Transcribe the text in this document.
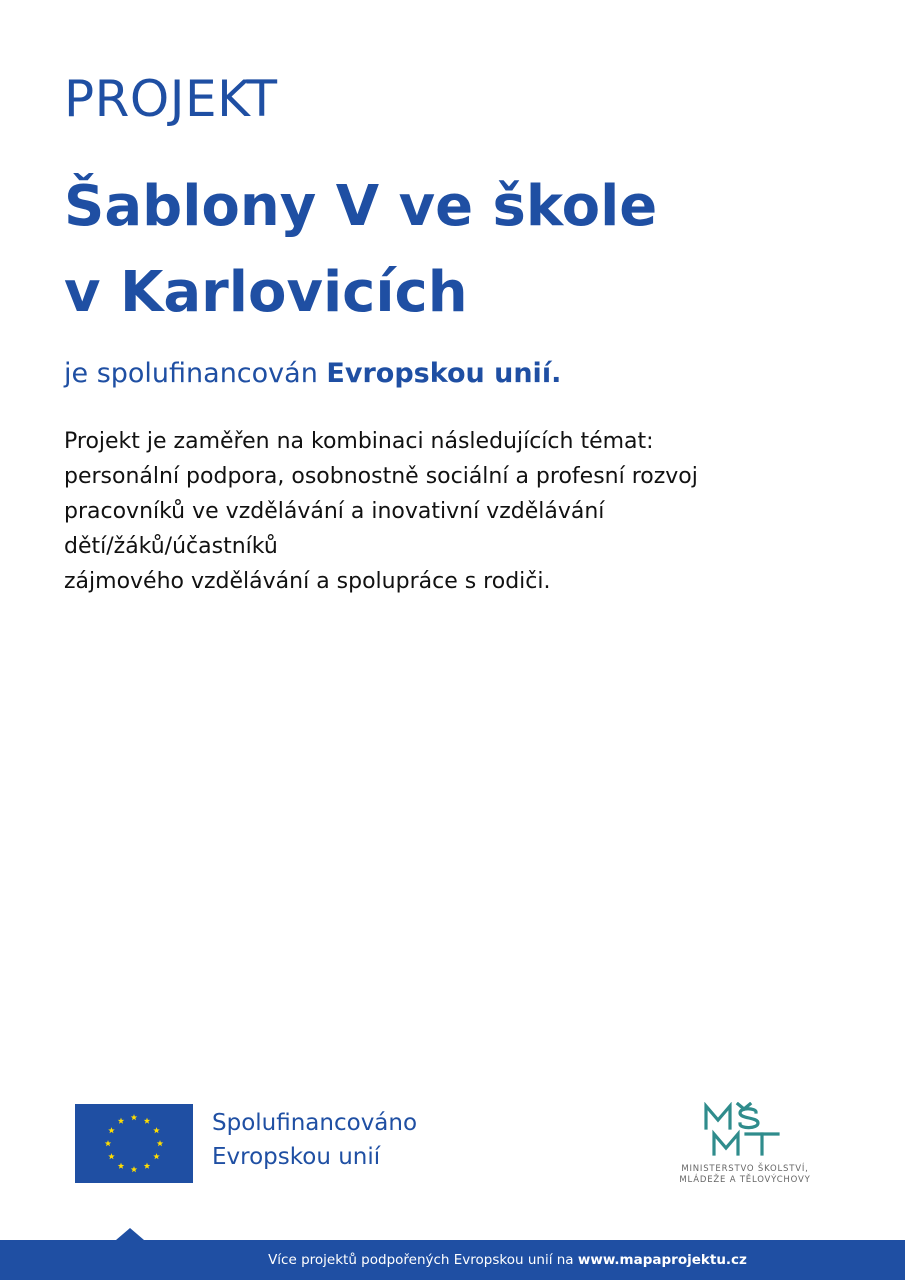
PROJEKT
Šablony V ve škole
v Karlovicích
je spolufinancován Evropskou unií.
Projekt je zaměřen na kombinaci následujících témat:
personální podpora, osobnostně sociální a profesní rozvoj
pracovníků ve vzdělávání a inovativní vzdělávání
dětí/žáků/účastníků
zájmového vzdělávání a spolupráce s rodiči.
Spolufinancováno
Evropskou unií	MINISTERSTVO ŠKOLSTVÍ,
MLÁDEŽE A TĚLOVÝCHOVY
Více projektů podpořených Evropskou unií na www.mapaprojektu.cz
